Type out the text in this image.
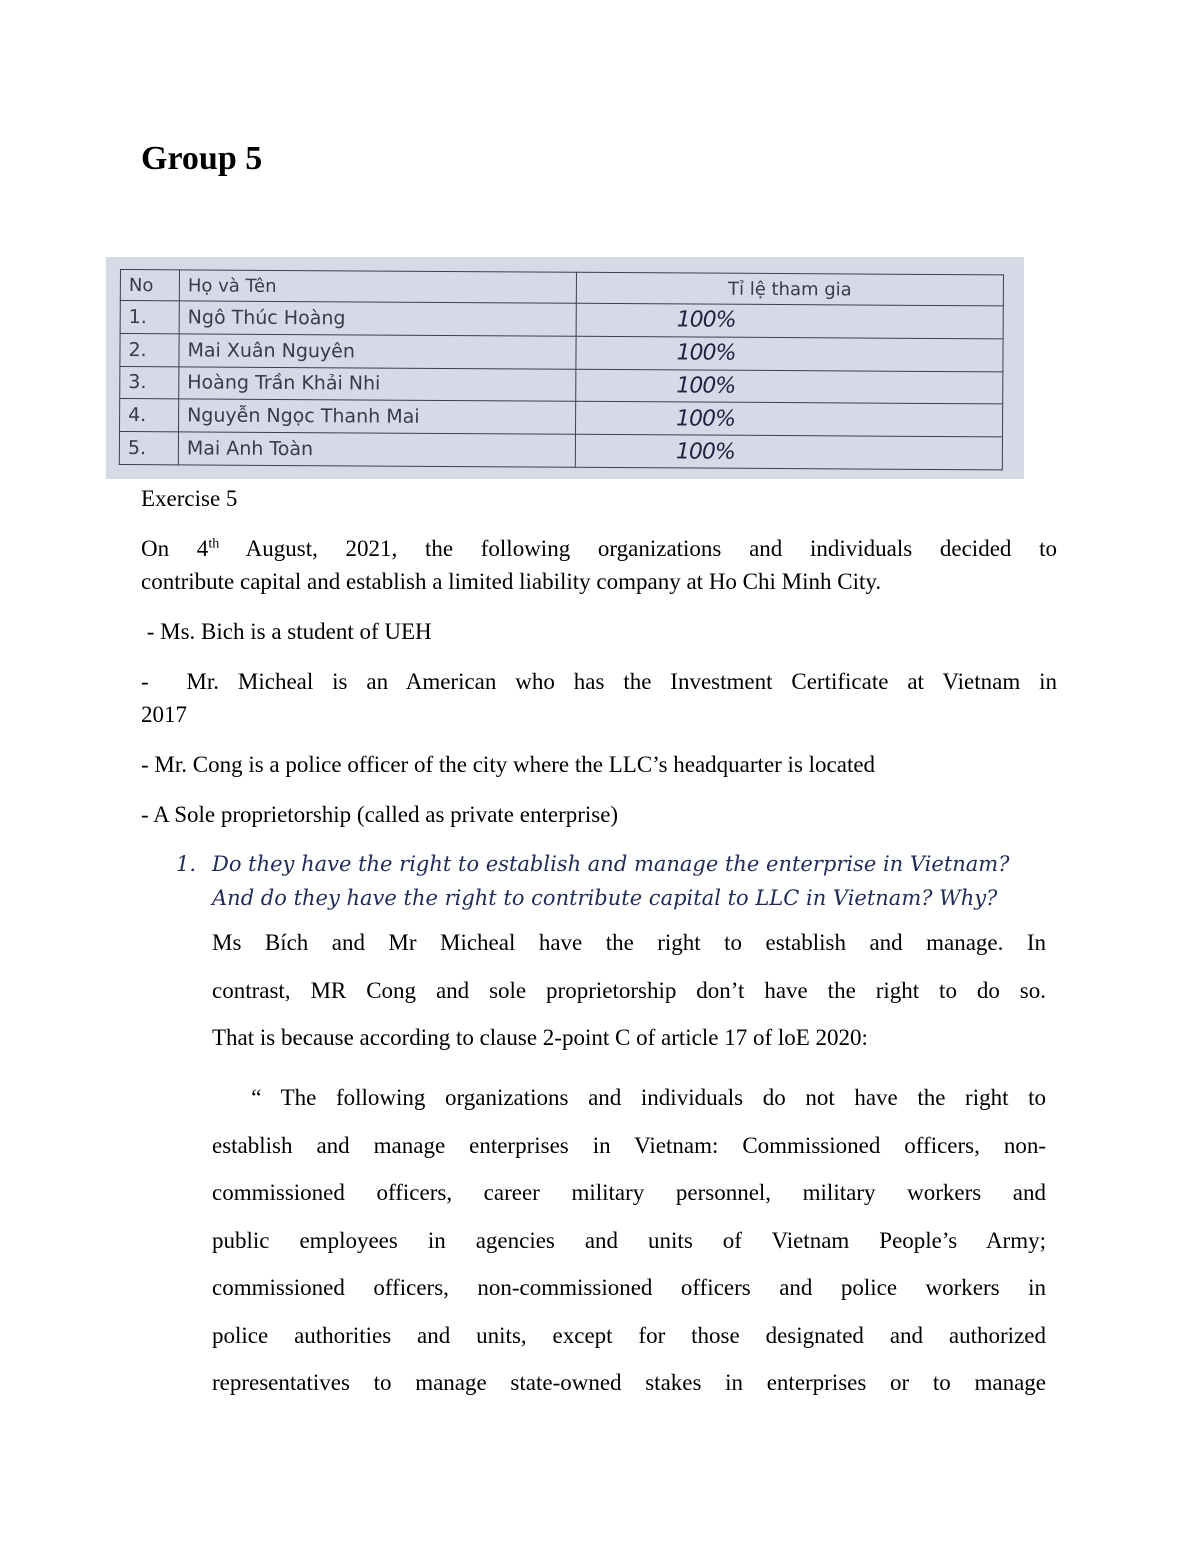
Group 5
No	Họ và Tên	Tỉ lệ tham gia
1.	Ngô Thúc Hoàng	100%
2.	Mai Xuân Nguyên	100%
3.	Hoàng Trần Khải Nhi	100%
4.	Nguyễn Ngọc Thanh Mai	100%
5.	Mai Anh Toàn	100%

Exercise 5

On 4th August, 2021, the following organizations and individuals decided to

contribute capital and establish a limited liability company at Ho Chi Minh City.

- Ms. Bich is a student of UEH

-  Mr. Micheal is an American who has the Investment Certificate at Vietnam in

2017

- Mr. Cong is a police officer of the city where the LLC’s headquarter is located

- A Sole proprietorship (called as private enterprise)

1. Do they have the right to establish and manage the enterprise in Vietnam?
And do they have the right to contribute capital to LLC in Vietnam? Why?
Ms Bích and Mr Micheal have the right to establish and manage. In
contrast, MR Cong and sole proprietorship don’t have the right to do so.
That is because according to clause 2-point C of article 17 of loE 2020:
“ The following organizations and individuals do not have the right to
establish and manage enterprises in Vietnam: Commissioned officers, non-
commissioned officers, career military personnel, military workers and
public employees in agencies and units of Vietnam People’s Army;
commissioned officers, non-commissioned officers and police workers in
police authorities and units, except for those designated and authorized
representatives to manage state-owned stakes in enterprises or to manage
